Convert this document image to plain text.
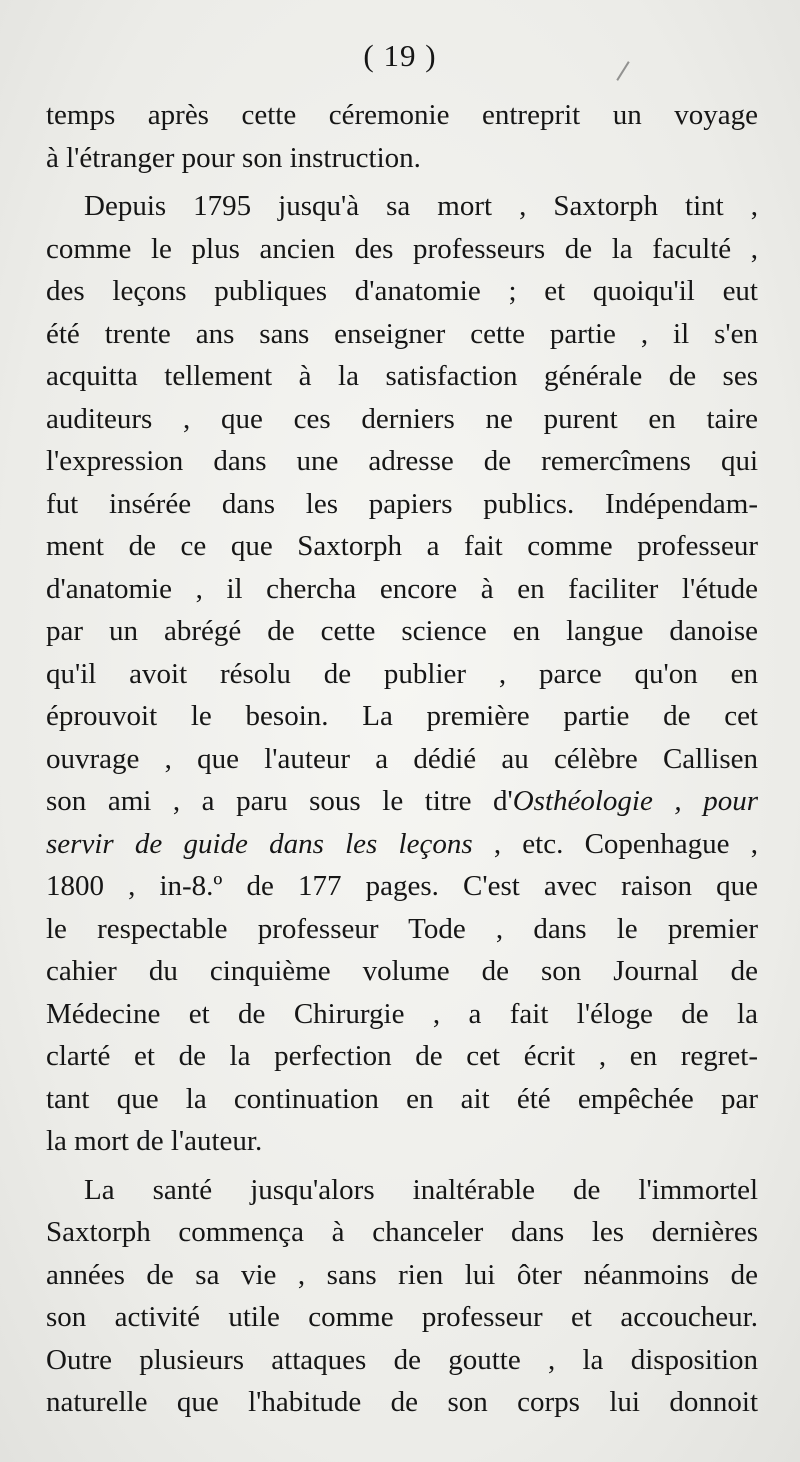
( 19 )
temps après cette céremonie entreprit un voyage
à l'étranger pour son instruction.
Depuis 1795 jusqu'à sa mort , Saxtorph tint ,
comme le plus ancien des professeurs de la faculté ,
des leçons publiques d'anatomie ; et quoiqu'il eut
été trente ans sans enseigner cette partie , il s'en
acquitta tellement à la satisfaction générale de ses
auditeurs , que ces derniers ne purent en taire
l'expression dans une adresse de remercîmens qui
fut insérée dans les papiers publics. Indépendam-
ment de ce que Saxtorph a fait comme professeur
d'anatomie , il chercha encore à en faciliter l'étude
par un abrégé de cette science en langue danoise
qu'il avoit résolu de publier , parce qu'on en
éprouvoit le besoin. La première partie de cet
ouvrage , que l'auteur a dédié au célèbre Callisen
son ami , a paru sous le titre d'Osthéologie , pour
servir de guide dans les leçons , etc. Copenhague ,
1800 , in-8.º de 177 pages. C'est avec raison que
le respectable professeur Tode , dans le premier
cahier du cinquième volume de son Journal de
Médecine et de Chirurgie , a fait l'éloge de la
clarté et de la perfection de cet écrit , en regret-
tant que la continuation en ait été empêchée par
la mort de l'auteur.
La santé jusqu'alors inaltérable de l'immortel
Saxtorph commença à chanceler dans les dernières
années de sa vie , sans rien lui ôter néanmoins de
son activité utile comme professeur et accoucheur.
Outre plusieurs attaques de goutte , la disposition
naturelle que l'habitude de son corps lui donnoit
